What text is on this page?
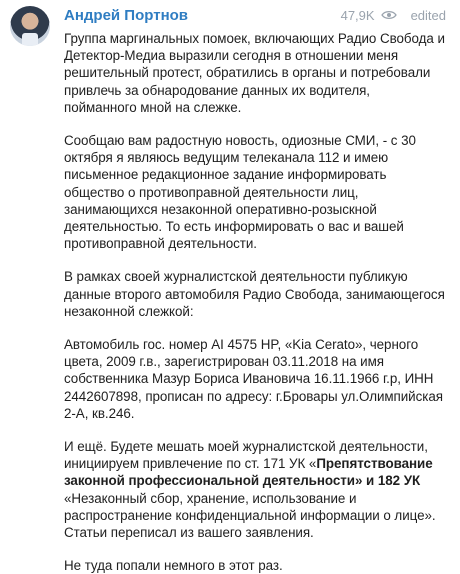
Андрей Портнов	47,9K	edited

Группа маргинальных помоек, включающих Радио Свобода и Детектор-Медиа выразили сегодня в отношении меня решительный протест, обратились в органы и потребовали привлечь за обнародование данных их водителя, пойманного мной на слежке.

Сообщаю вам радостную новость, одиозные СМИ, - с 30 октября я являюсь ведущим телеканала 112 и имею письменное редакционное задание информировать общество о противоправной деятельности лиц, занимающихся незаконной оперативно-розыскной деятельностью. То есть информировать о вас и вашей противоправной деятельности.

В рамках своей журналистской деятельности публикую данные второго автомобиля Радио Свобода, занимающегося незаконной слежкой:

Автомобиль гос. номер AI 4575 HP, «Kia Cerato», черного цвета, 2009 г.в., зарегистрирован 03.11.2018 на имя собственника Мазур Бориса Ивановича 16.11.1966 г.р, ИНН 2442607898, прописан по адресу: г.Бровары ул.Олимпийская 2-А, кв.246.

И ещё. Будете мешать моей журналистской деятельности, инициируем привлечение по ст. 171 УК «Препятствование законной профессиональной деятельности» и 182 УК «Незаконный сбор, хранение, использование и распространение конфиденциальной информации о лице». Статьи переписал из вашего заявления.

Не туда попали немного в этот раз.
